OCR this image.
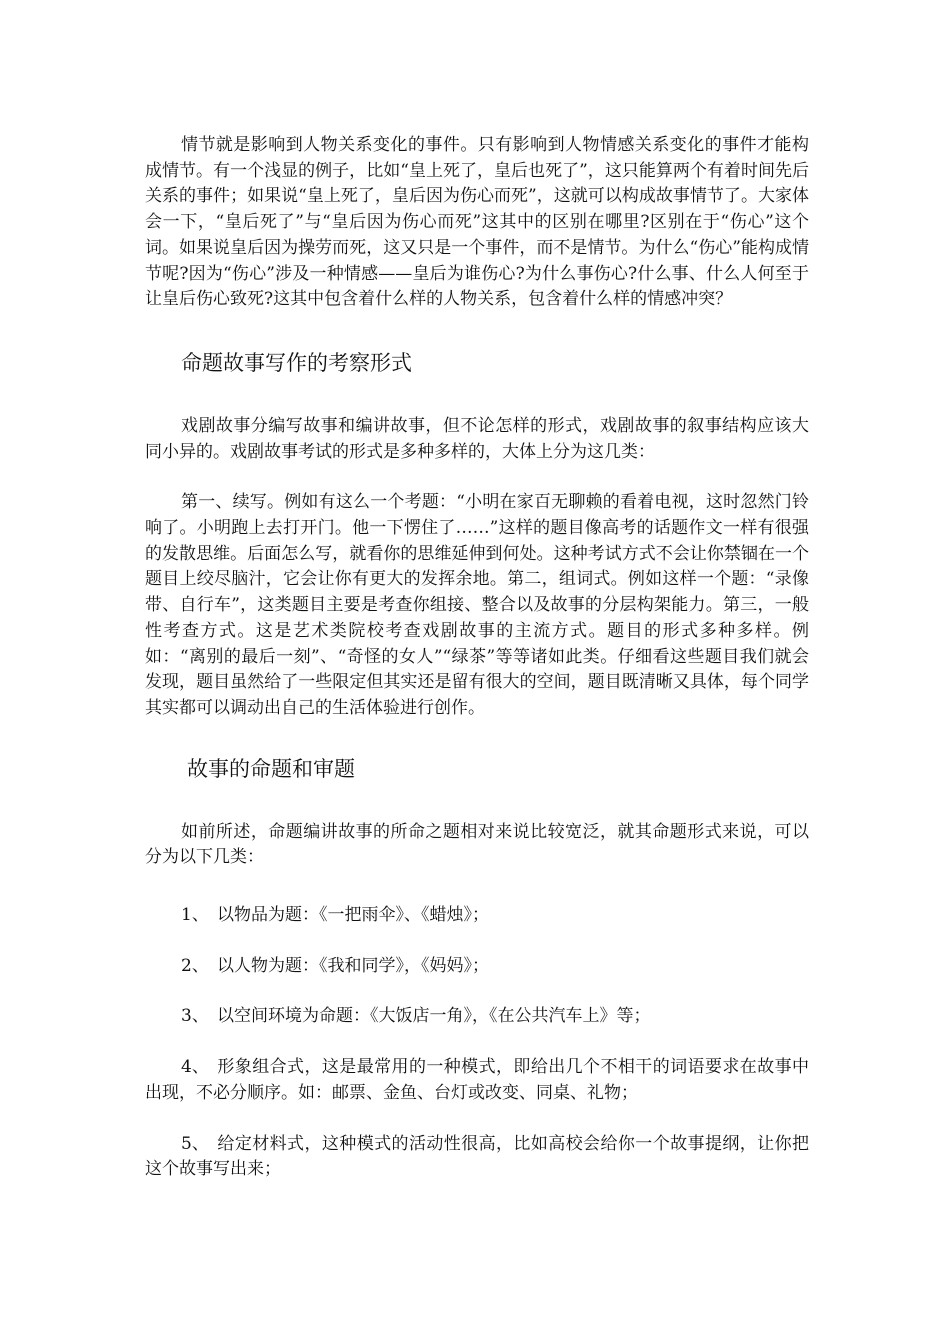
情节就是影响到人物关系变化的事件。只有影响到人物情感关系变化的事件才能构成情节。有一个浅显的例子，比如“皇上死了，皇后也死了”，这只能算两个有着时间先后关系的事件；如果说“皇上死了，皇后因为伤心而死”，这就可以构成故事情节了。大家体会一下，“皇后死了”与“皇后因为伤心而死”这其中的区别在哪里?区别在于“伤心”这个词。如果说皇后因为操劳而死，这又只是一个事件，而不是情节。为什么“伤心”能构成情节呢?因为“伤心”涉及一种情感——皇后为谁伤心?为什么事伤心?什么事、什么人何至于让皇后伤心致死?这其中包含着什么样的人物关系，包含着什么样的情感冲突？

命题故事写作的考察形式

戏剧故事分编写故事和编讲故事，但不论怎样的形式，戏剧故事的叙事结构应该大同小异的。戏剧故事考试的形式是多种多样的，大体上分为这几类：

第一、续写。例如有这么一个考题：“小明在家百无聊赖的看着电视，这时忽然门铃响了。小明跑上去打开门。他一下愣住了……”这样的题目像高考的话题作文一样有很强的发散思维。后面怎么写，就看你的思维延伸到何处。这种考试方式不会让你禁锢在一个题目上绞尽脑汁，它会让你有更大的发挥余地。第二，组词式。例如这样一个题：“录像带、自行车”，这类题目主要是考查你组接、整合以及故事的分层构架能力。第三，一般性考查方式。这是艺术类院校考查戏剧故事的主流方式。题目的形式多种多样。例如：“离别的最后一刻”、“奇怪的女人”“绿茶”等等诸如此类。仔细看这些题目我们就会发现，题目虽然给了一些限定但其实还是留有很大的空间，题目既清晰又具体，每个同学其实都可以调动出自己的生活体验进行创作。

故事的命题和审题

如前所述，命题编讲故事的所命之题相对来说比较宽泛，就其命题形式来说，可以分为以下几类：

1、 以物品为题：《一把雨伞》、《蜡烛》；

2、 以人物为题：《我和同学》，《妈妈》；

3、 以空间环境为命题：《大饭店一角》，《在公共汽车上》等；

4、 形象组合式，这是最常用的一种模式，即给出几个不相干的词语要求在故事中出现，不必分顺序。如：邮票、金鱼、台灯或改变、同桌、礼物；

5、 给定材料式，这种模式的活动性很高，比如高校会给你一个故事提纲，让你把这个故事写出来；
